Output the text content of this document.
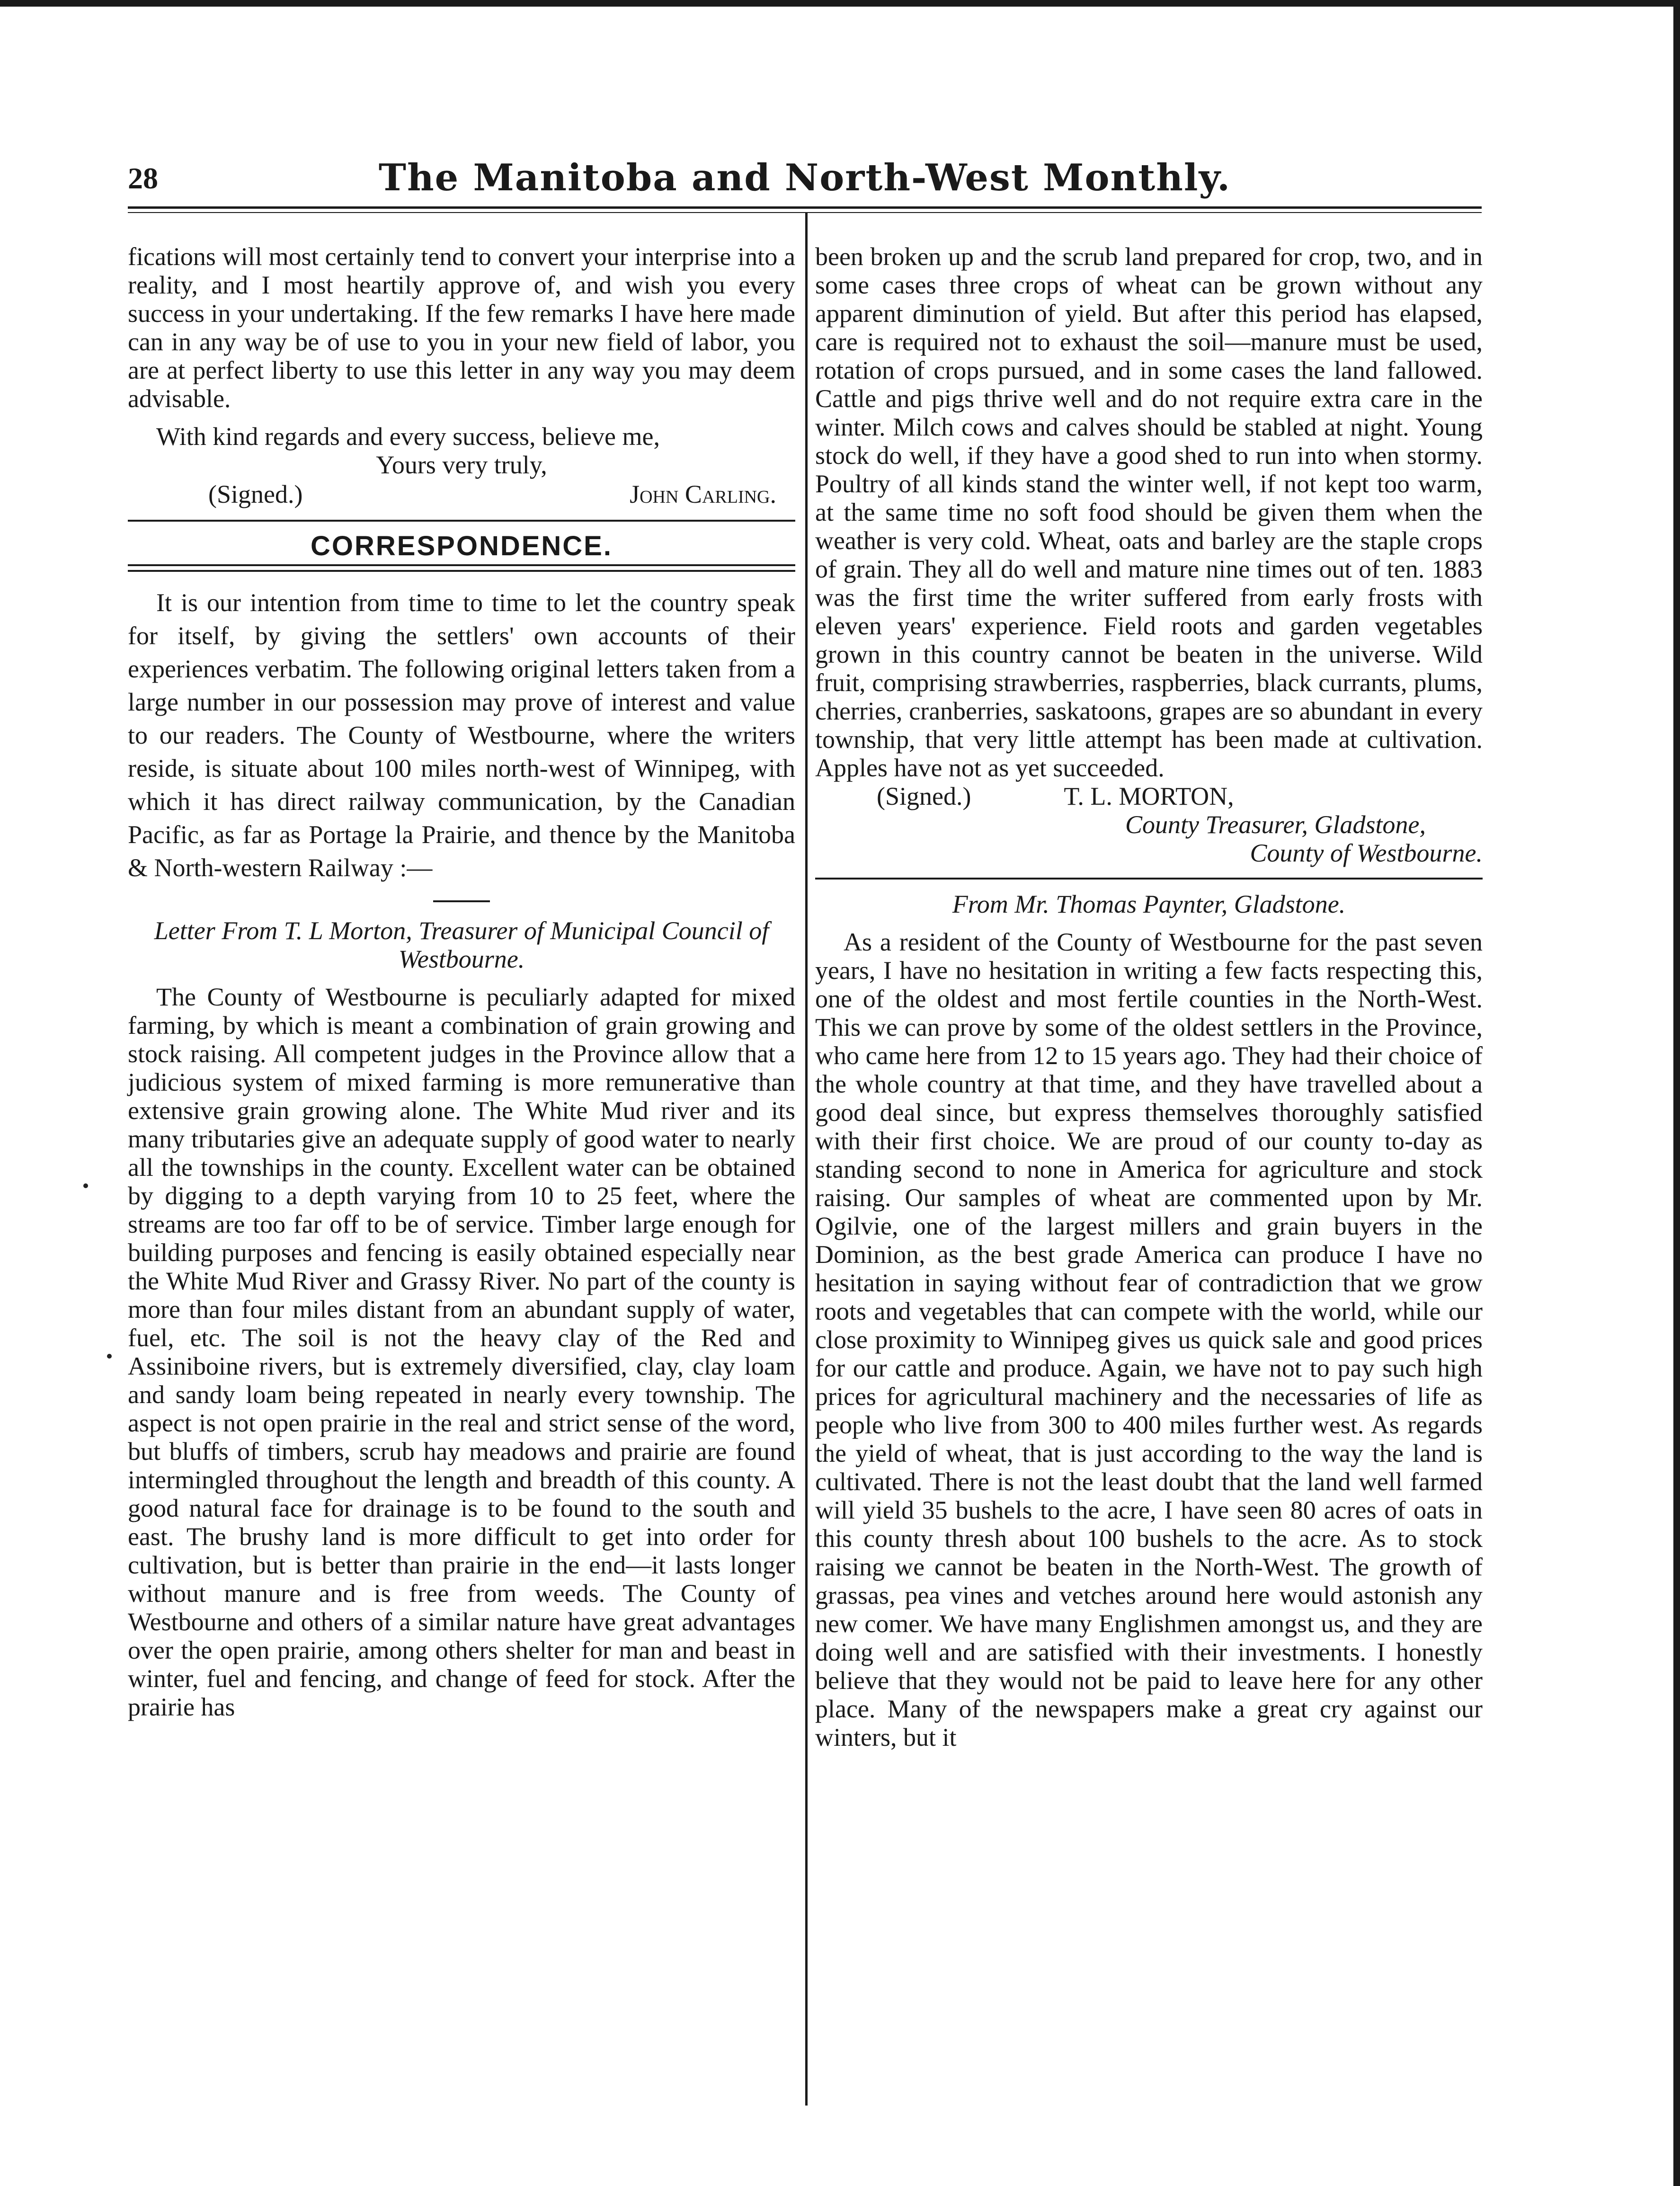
28	The Manitoba and North-West Monthly.

fications will most certainly tend to convert your interprise into a reality, and I most heartily approve of, and wish you every success in your undertaking. If the few remarks I have here made can in any way be of use to you in your new field of labor, you are at perfect liberty to use this letter in any way you may deem advisable.

With kind regards and every success, believe me,

Yours very truly,
(Signed.)	John Carling.
CORRESPONDENCE.

It is our intention from time to time to let the country speak for itself, by giving the settlers' own accounts of their experiences verbatim. The following original letters taken from a large number in our possession may prove of interest and value to our readers. The County of Westbourne, where the writers reside, is situate about 100 miles north-west of Winnipeg, with which it has direct railway communication, by the Canadian Pacific, as far as Portage la Prairie, and thence by the Manitoba & North-western Railway :—

Letter From T. L Morton, Treasurer of Municipal Council of Westbourne.

The County of Westbourne is peculiarly adapted for mixed farming, by which is meant a combination of grain growing and stock raising. All competent judges in the Province allow that a judicious system of mixed farming is more remunerative than extensive grain growing alone. The White Mud river and its many tributaries give an adequate supply of good water to nearly all the townships in the county. Excellent water can be obtained by digging to a depth varying from 10 to 25 feet, where the streams are too far off to be of service. Timber large enough for building purposes and fencing is easily obtained especially near the White Mud River and Grassy River. No part of the county is more than four miles distant from an abundant supply of water, fuel, etc. The soil is not the heavy clay of the Red and Assiniboine rivers, but is extremely diversified, clay, clay loam and sandy loam being repeated in nearly every township. The aspect is not open prairie in the real and strict sense of the word, but bluffs of timbers, scrub hay meadows and prairie are found intermingled throughout the length and breadth of this county. A good natural face for drainage is to be found to the south and east. The brushy land is more difficult to get into order for cultivation, but is better than prairie in the end—it lasts longer without manure and is free from weeds. The County of Westbourne and others of a similar nature have great advantages over the open prairie, among others shelter for man and beast in winter, fuel and fencing, and change of feed for stock. After the prairie has

been broken up and the scrub land prepared for crop, two, and in some cases three crops of wheat can be grown without any apparent diminution of yield. But after this period has elapsed, care is required not to exhaust the soil—manure must be used, rotation of crops pursued, and in some cases the land fallowed. Cattle and pigs thrive well and do not require extra care in the winter. Milch cows and calves should be stabled at night. Young stock do well, if they have a good shed to run into when stormy. Poultry of all kinds stand the winter well, if not kept too warm, at the same time no soft food should be given them when the weather is very cold. Wheat, oats and barley are the staple crops of grain. They all do well and mature nine times out of ten. 1883 was the first time the writer suffered from early frosts with eleven years' experience. Field roots and garden vegetables grown in this country cannot be beaten in the universe. Wild fruit, comprising strawberries, raspberries, black currants, plums, cherries, cranberries, saskatoons, grapes are so abundant in every township, that very little attempt has been made at cultivation. Apples have not as yet succeeded.

(Signed.)	T. L. MORTON,
County Treasurer, Gladstone,
County of Westbourne.

From Mr. Thomas Paynter, Gladstone.

As a resident of the County of Westbourne for the past seven years, I have no hesitation in writing a few facts respecting this, one of the oldest and most fertile counties in the North-West. This we can prove by some of the oldest settlers in the Province, who came here from 12 to 15 years ago. They had their choice of the whole country at that time, and they have travelled about a good deal since, but express themselves thoroughly satisfied with their first choice. We are proud of our county to-day as standing second to none in America for agriculture and stock raising. Our samples of wheat are commented upon by Mr. Ogilvie, one of the largest millers and grain buyers in the Dominion, as the best grade America can produce I have no hesitation in saying without fear of contradiction that we grow roots and vegetables that can compete with the world, while our close proximity to Winnipeg gives us quick sale and good prices for our cattle and produce. Again, we have not to pay such high prices for agricultural machinery and the necessaries of life as people who live from 300 to 400 miles further west. As regards the yield of wheat, that is just according to the way the land is cultivated. There is not the least doubt that the land well farmed will yield 35 bushels to the acre, I have seen 80 acres of oats in this county thresh about 100 bushels to the acre. As to stock raising we cannot be beaten in the North-West. The growth of grassas, pea vines and vetches around here would astonish any new comer. We have many Englishmen amongst us, and they are doing well and are satisfied with their investments. I honestly believe that they would not be paid to leave here for any other place. Many of the newspapers make a great cry against our winters, but it
